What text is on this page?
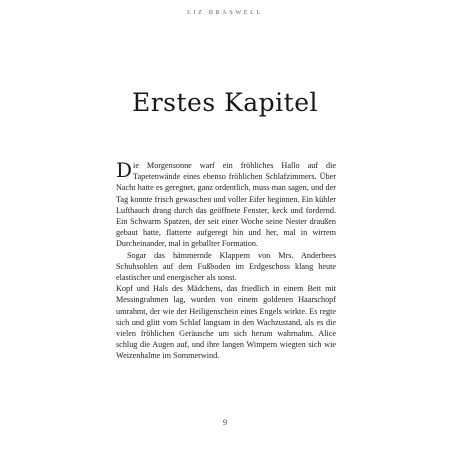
LIZ BRASWELL
Erstes Kapitel

Die Morgensonne warf ein fröhliches Hallo auf die Tapetenwände eines ebenso fröhlichen Schlafzimmers. Über Nacht hatte es geregnet, ganz ordentlich, muss man sagen, und der Tag konnte frisch gewaschen und voller Eifer beginnen. Ein kühler Lufthauch drang durch das geöffnete Fenster, keck und fordernd. Ein Schwarm Spatzen, der seit einer Woche seine Nester draußen gebaut hatte, flatterte aufgeregt hin und her, mal in wirrem Durcheinander, mal in geballter Formation.

Sogar das hämmernde Klappern von Mrs. Anderbees Schuhsohlen auf dem Fußboden im Erdgeschoss klang heute elastischer und energischer als sonst.

Kopf und Hals des Mädchens, das friedlich in einem Bett mit Messingrahmen lag, wurden von einem goldenen Haarschopf umrahmt, der wie der Heiligenschein eines Engels wirkte. Es regte sich und glitt vom Schlaf langsam in den Wachzustand, als es die vielen fröhlichen Geräusche um sich herum wahrnahm. Alice schlug die Augen auf, und ihre langen Wimpern wiegten sich wie Weizenhalme im Sommerwind.

9
